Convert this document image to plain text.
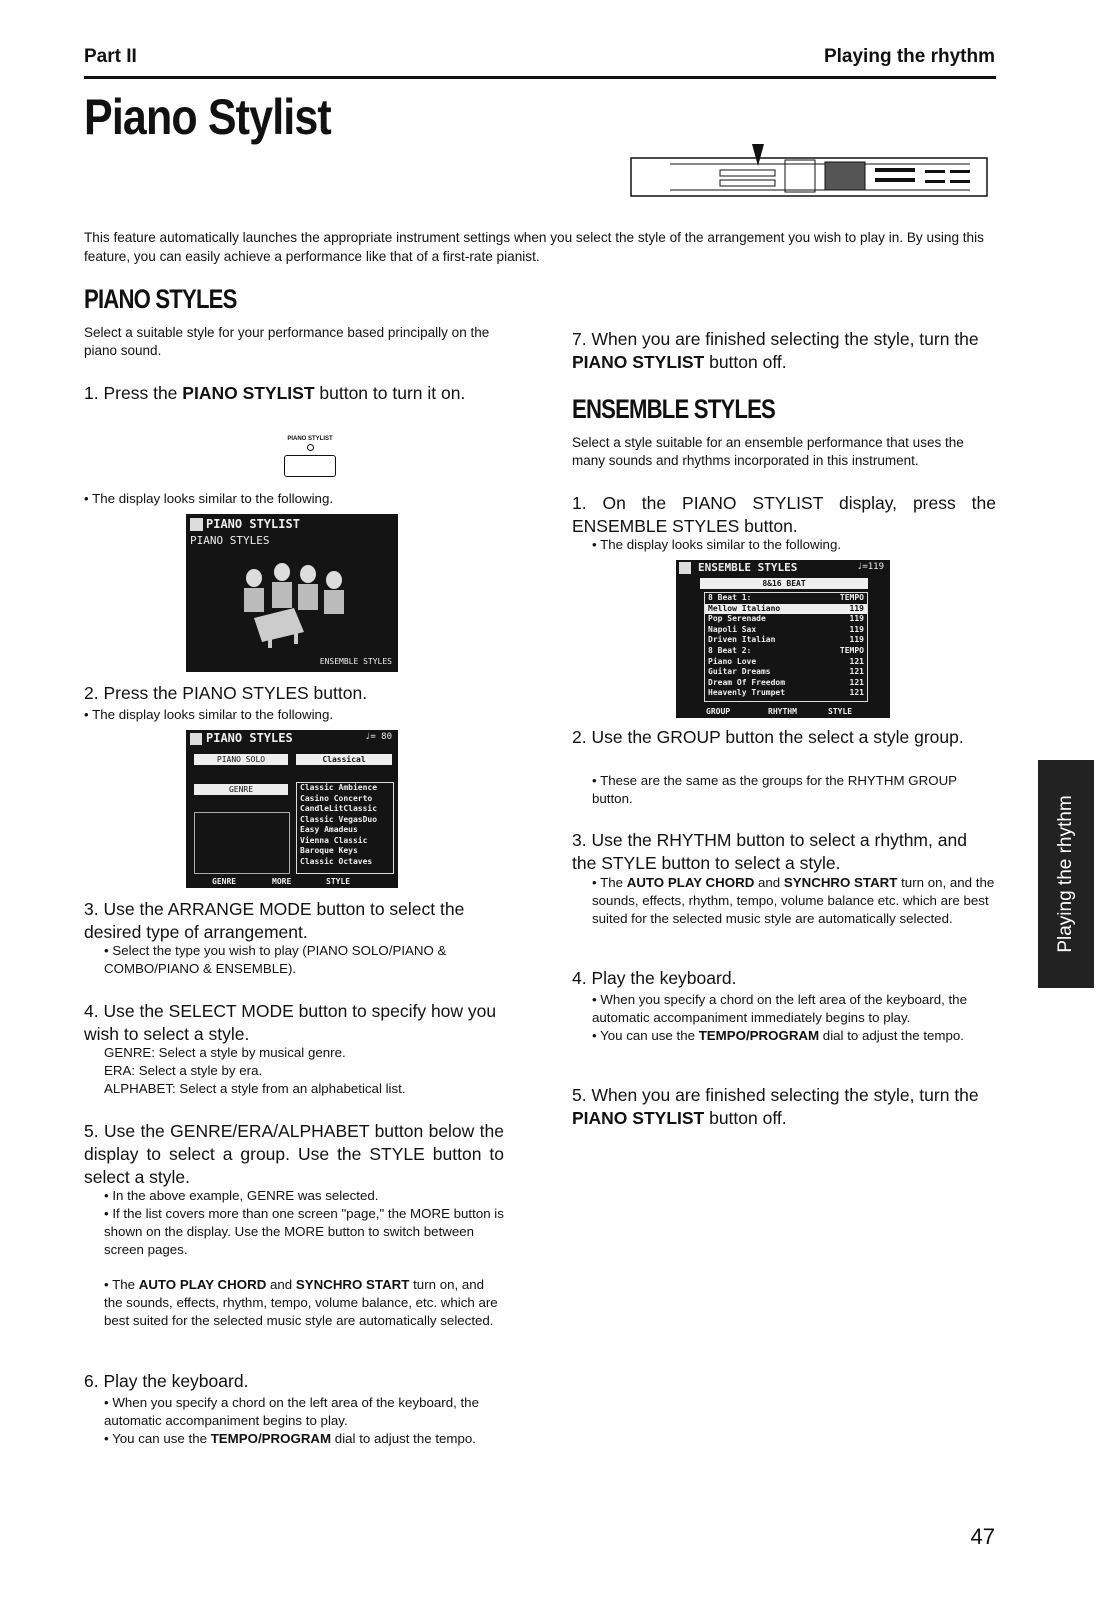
Part II	Playing the rhythm
Piano Stylist
This feature automatically launches the appropriate instrument settings when you select the style of the arrangement you wish to play in. By using this feature, you can easily achieve a performance like that of a first-rate pianist.
PIANO STYLES
Select a suitable style for your performance based principally on the piano sound.
1. Press the PIANO STYLIST button to turn it on.
PIANO STYLIST
• The display looks similar to the following.
PIANO STYLIST
PIANO STYLES
ENSEMBLE STYLES
2. Press the PIANO STYLES button.
• The display looks similar to the following.
PIANO STYLES	♩= 80
PIANO SOLO
GENRE
Classical
Classic Ambience
Casino Concerto
CandleLitClassic
Classic VegasDuo
Easy Amadeus
Vienna Classic
Baroque Keys
Classic Octaves
GENRE	MORE	STYLE
3. Use the ARRANGE MODE button to select the desired type of arrangement.
• Select the type you wish to play (PIANO SOLO/PIANO & COMBO/PIANO & ENSEMBLE).
4. Use the SELECT MODE button to specify how you wish to select a style.
GENRE: Select a style by musical genre.
ERA: Select a style by era.
ALPHABET: Select a style from an alphabetical list.
5. Use the GENRE/ERA/ALPHABET button below the display to select a group. Use the STYLE button to select a style.
• In the above example, GENRE was selected.
• If the list covers more than one screen "page," the MORE button is shown on the display. Use the MORE button to switch between screen pages.
• The AUTO PLAY CHORD and SYNCHRO START turn on, and the sounds, effects, rhythm, tempo, volume balance, etc. which are best suited for the selected music style are automatically selected.
6. Play the keyboard.
• When you specify a chord on the left area of the keyboard, the automatic accompaniment begins to play.
• You can use the TEMPO/PROGRAM dial to adjust the tempo.
7. When you are finished selecting the style, turn the PIANO STYLIST button off.
ENSEMBLE STYLES
Select a style suitable for an ensemble performance that uses the many sounds and rhythms incorporated in this instrument.
1. On the PIANO STYLIST display, press the ENSEMBLE STYLES button.
• The display looks similar to the following.
ENSEMBLE STYLES	♩=119
8&16 BEAT
8 Beat 1:	TEMPO
Mellow Italiano	119
Pop Serenade	119
Napoli Sax	119
Driven Italian	119
8 Beat 2:	TEMPO
Piano Love	121
Guitar Dreams	121
Dream Of Freedom	121
Heavenly Trumpet	121
GROUP	RHYTHM	STYLE
2. Use the GROUP button the select a style group.
• These are the same as the groups for the RHYTHM GROUP button.
3. Use the RHYTHM button to select a rhythm, and the STYLE button to select a style.
• The AUTO PLAY CHORD and SYNCHRO START turn on, and the sounds, effects, rhythm, tempo, volume balance etc. which are best suited for the selected music style are automatically selected.
4. Play the keyboard.
• When you specify a chord on the left area of the keyboard, the automatic accompaniment immediately begins to play.
• You can use the TEMPO/PROGRAM dial to adjust the tempo.
5. When you are finished selecting the style, turn the PIANO STYLIST button off.
Playing the rhythm
47
